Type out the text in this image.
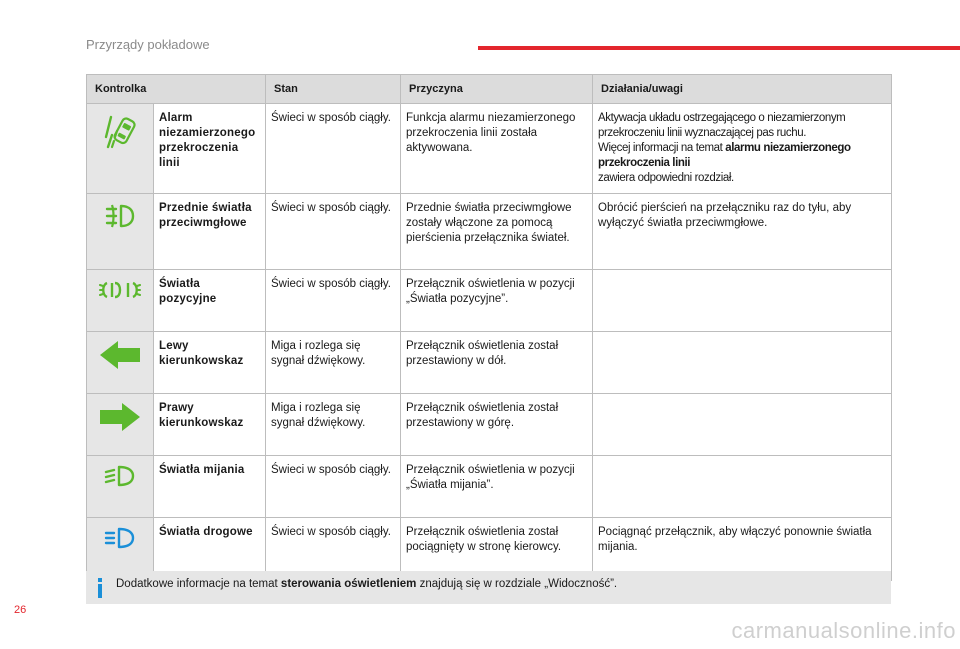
Przyrządy pokładowe
Kontrolka		Stan	Przyczyna	Działania/uwagi
	Alarm niezamierzonego przekroczenia linii	Świeci w sposób ciągły.	Funkcja alarmu niezamierzonego przekroczenia linii została aktywowana.	Aktywacja układu ostrzegającego o niezamierzonym przekroczeniu linii wyznaczającej pas ruchu.
Więcej informacji na temat alarmu niezamierzonego przekroczenia linii
zawiera odpowiedni rozdział.
	Przednie światła przeciwmgłowe	Świeci w sposób ciągły.	Przednie światła przeciwmgłowe zostały włączone za pomocą pierścienia przełącznika świateł.	Obrócić pierścień na przełączniku raz do tyłu, aby wyłączyć światła przeciwmgłowe.
	Światła pozycyjne	Świeci w sposób ciągły.	Przełącznik oświetlenia w pozycji „Światła pozycyjne”.	
	Lewy kierunkowskaz	Miga i rozlega się sygnał dźwiękowy.	Przełącznik oświetlenia został przestawiony w dół.	
	Prawy kierunkowskaz	Miga i rozlega się sygnał dźwiękowy.	Przełącznik oświetlenia został przestawiony w górę.	
	Światła mijania	Świeci w sposób ciągły.	Przełącznik oświetlenia w pozycji „Światła mijania”.	
	Światła drogowe	Świeci w sposób ciągły.	Przełącznik oświetlenia został pociągnięty w stronę kierowcy.	Pociągnąć przełącznik, aby włączyć ponownie światła mijania.
Dodatkowe informacje na temat sterowania oświetleniem znajdują się w rozdziale „Widoczność”.
26
carmanualsonline.info
